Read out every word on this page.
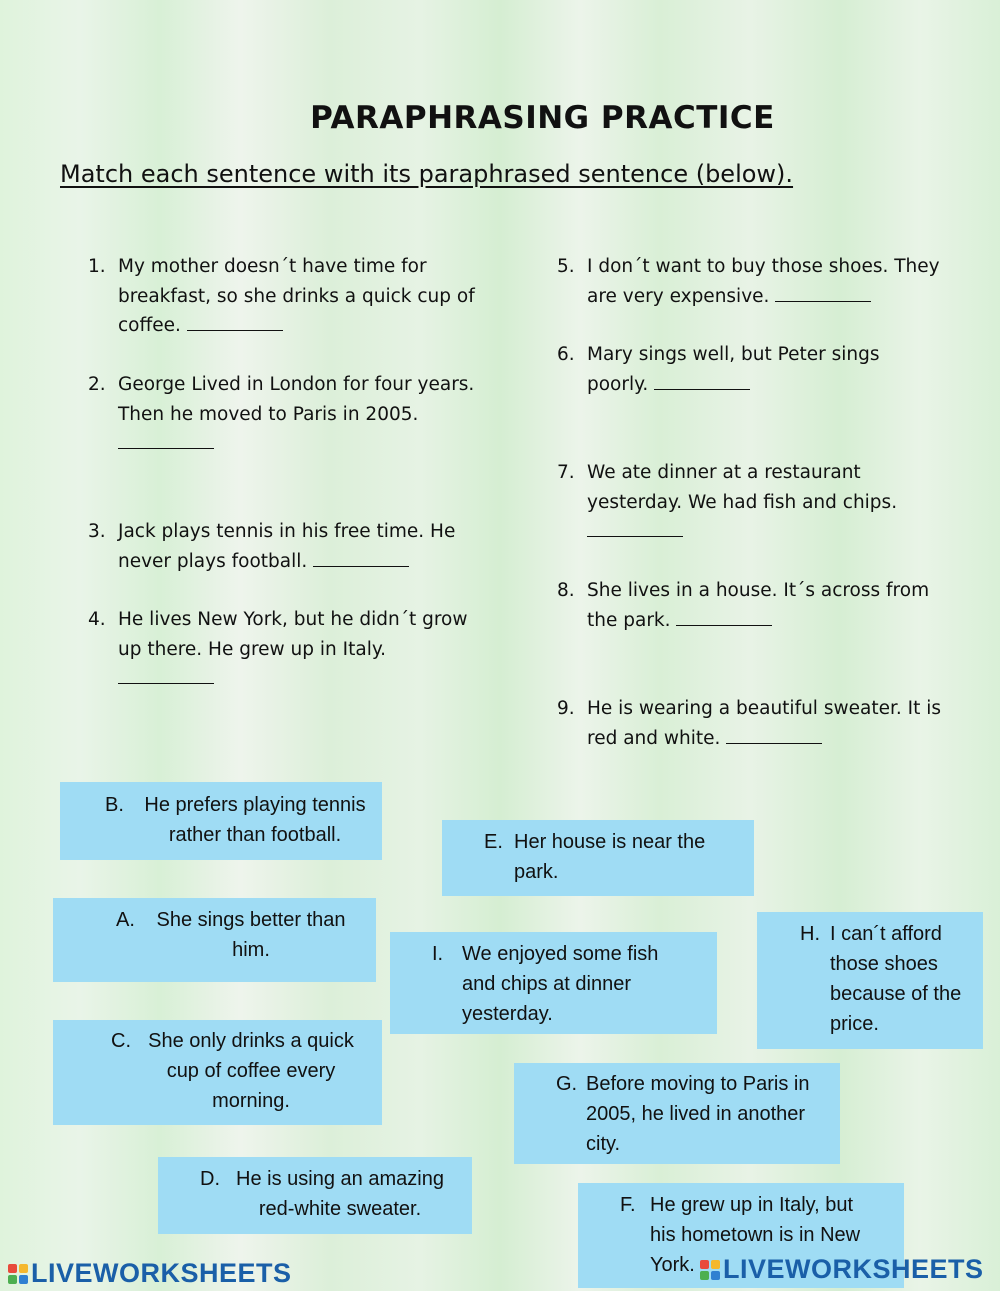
PARAPHRASING PRACTICE
Match each sentence with its paraphrased sentence (below).
1. My mother doesn´t have time for breakfast, so she drinks a quick cup of coffee.
2. George Lived in London for four years. Then he moved to Paris in 2005.

3. Jack plays tennis in his free time. He never plays football.
4. He lives New York, but he didn´t grow up there. He grew up in Italy.

5. I don´t want to buy those shoes. They are very expensive.
6. Mary sings well, but Peter sings poorly.
7. We ate dinner at a restaurant yesterday. We had fish and chips.

8. She lives in a house. It´s across from the park.
9. He is wearing a beautiful sweater. It is red and white.
B.	He prefers playing tennis rather than football.	E. Her house is near the park.
A.	She sings better than him.	I. We enjoyed some fish and chips at dinner yesterday.
H. I can´t afford those shoes because of the price.
C. She only drinks a quick cup of coffee every morning.
G. Before moving to Paris in 2005, he lived in another city.
D. He is using an amazing red-white sweater.	F. He grew up in Italy, but his hometown is in New York.
LIVEWORKSHEETS	LIVEWORKSHEETS
